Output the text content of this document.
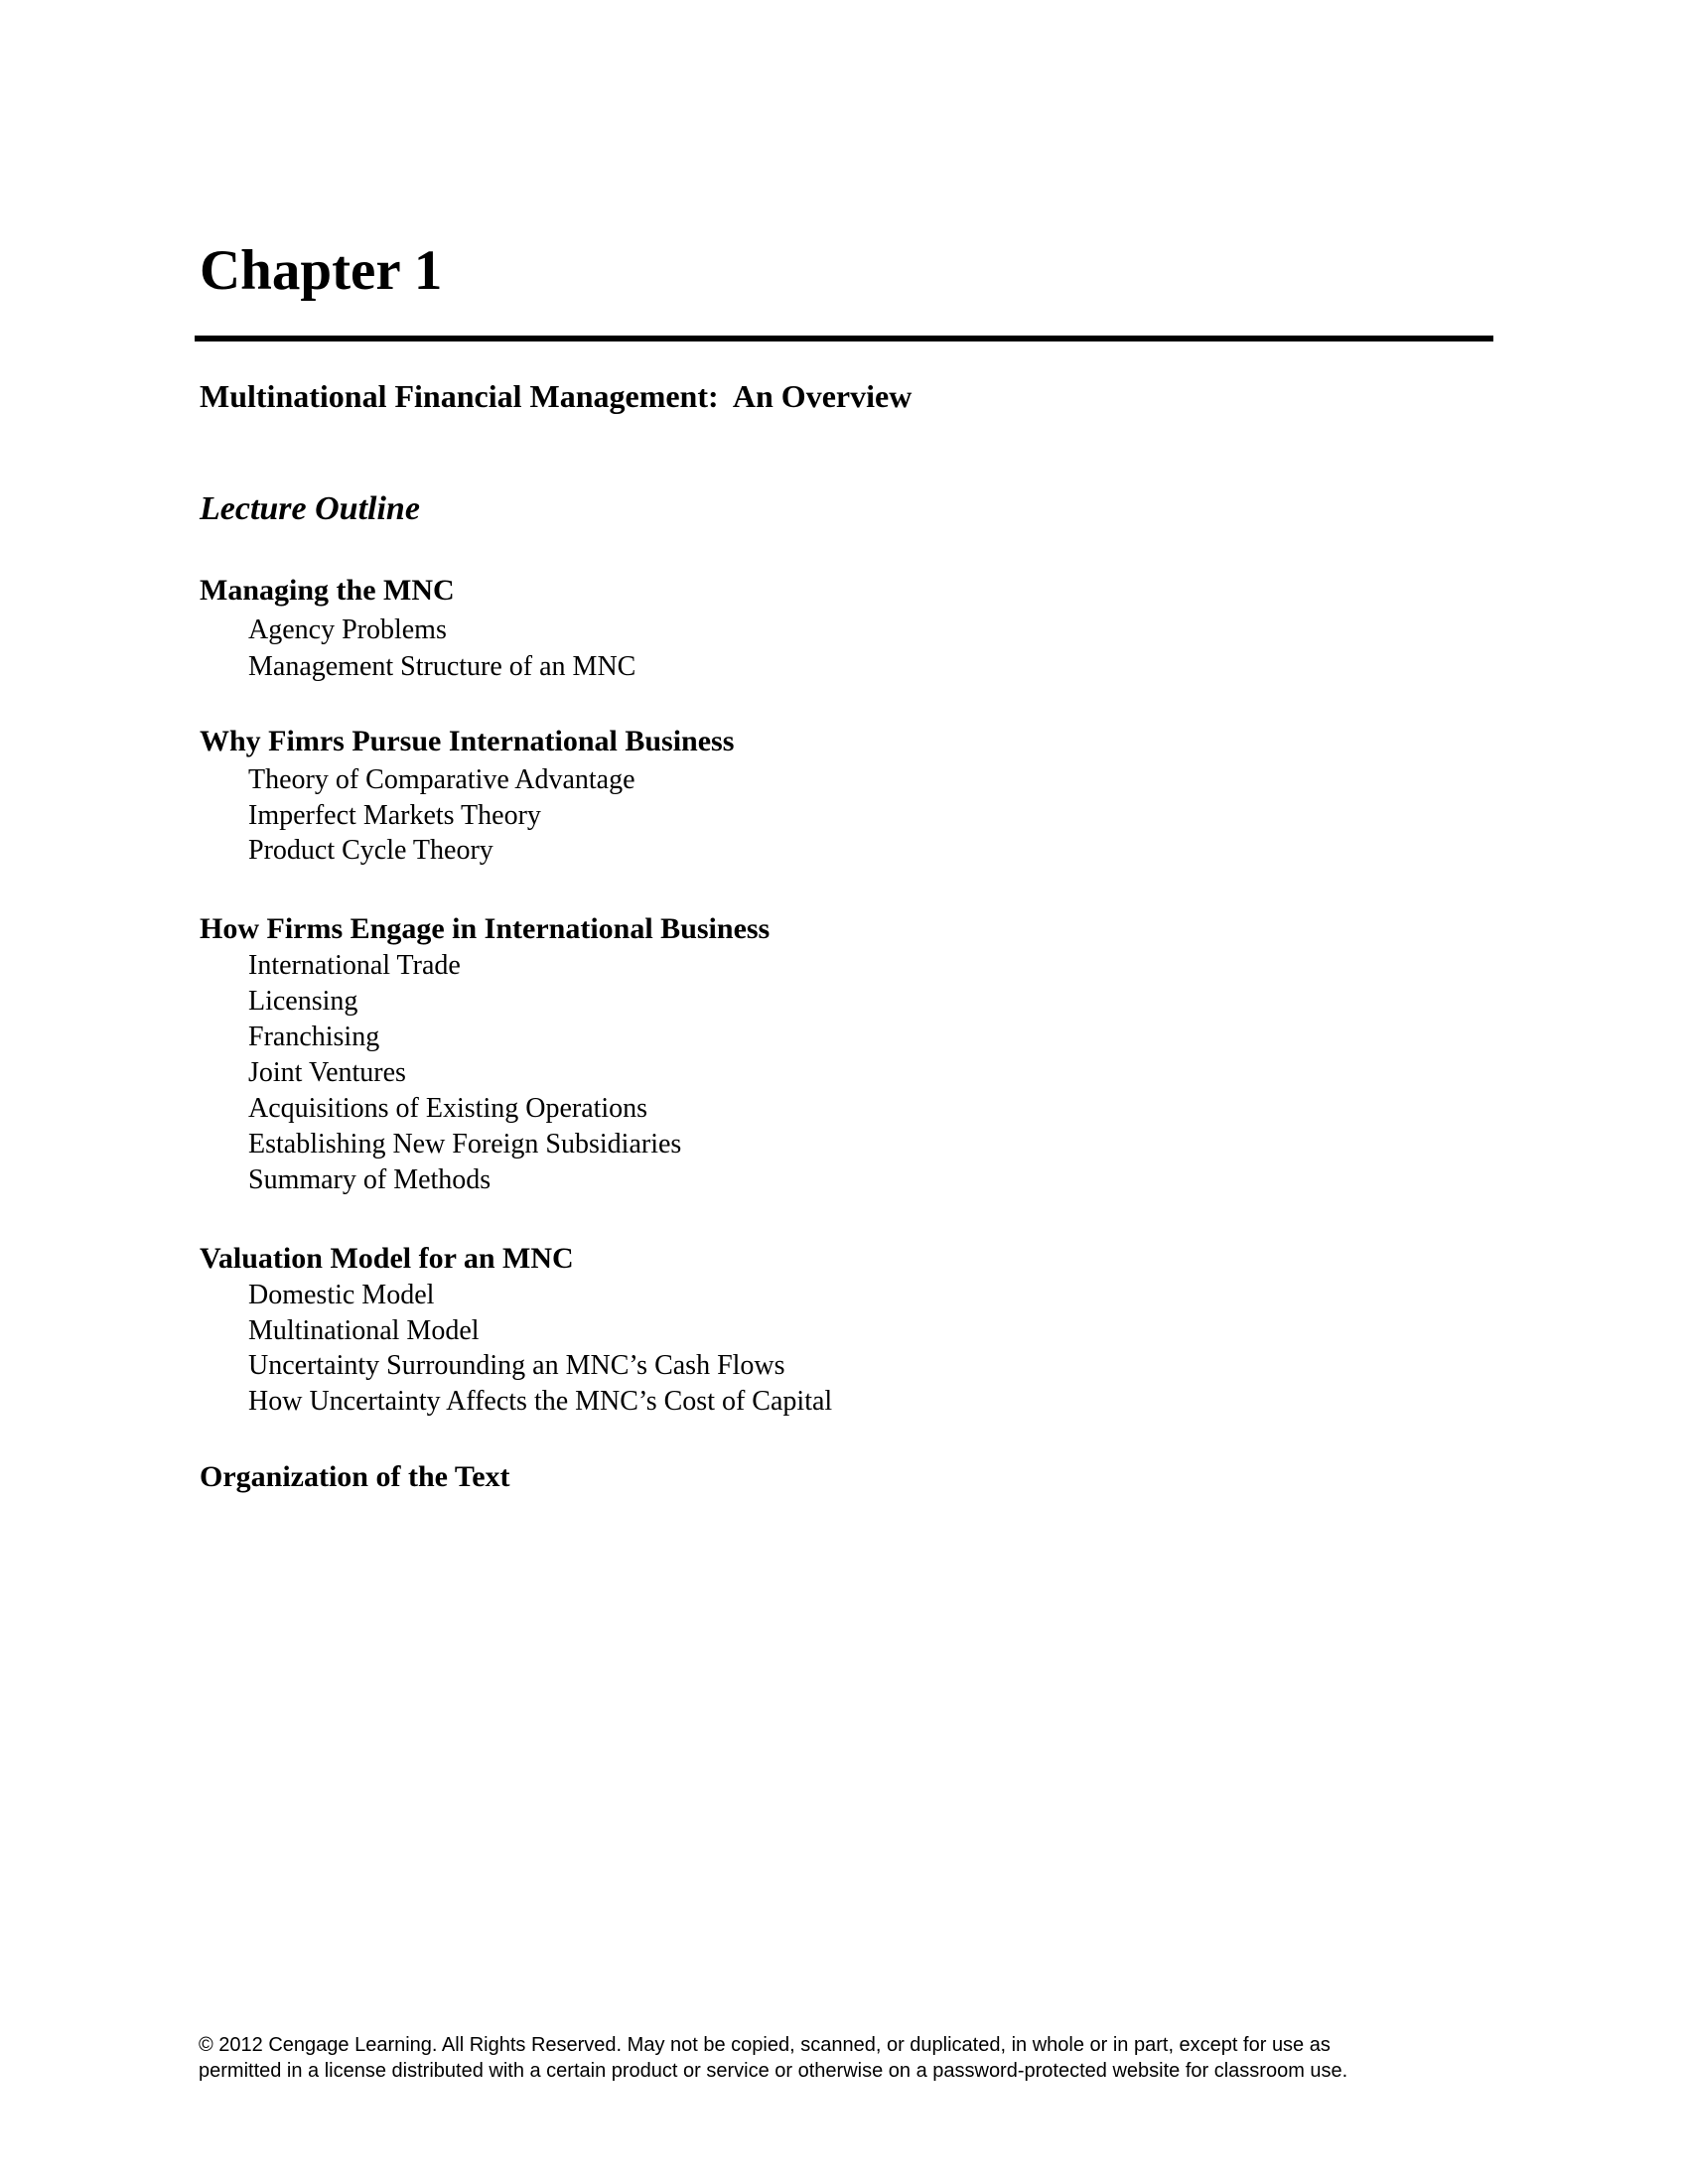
Chapter 1
Multinational Financial Management:  An Overview
Lecture Outline
Managing the MNC
Agency Problems
Management Structure of an MNC
Why Fimrs Pursue International Business
Theory of Comparative Advantage
Imperfect Markets Theory
Product Cycle Theory
How Firms Engage in International Business
International Trade
Licensing
Franchising
Joint Ventures
Acquisitions of Existing Operations
Establishing New Foreign Subsidiaries
Summary of Methods
Valuation Model for an MNC
Domestic Model
Multinational Model
Uncertainty Surrounding an MNC’s Cash Flows
How Uncertainty Affects the MNC’s Cost of Capital
Organization of the Text
© 2012 Cengage Learning. All Rights Reserved. May not be copied, scanned, or duplicated, in whole or in part, except for use as
permitted in a license distributed with a certain product or service or otherwise on a password-protected website for classroom use.
